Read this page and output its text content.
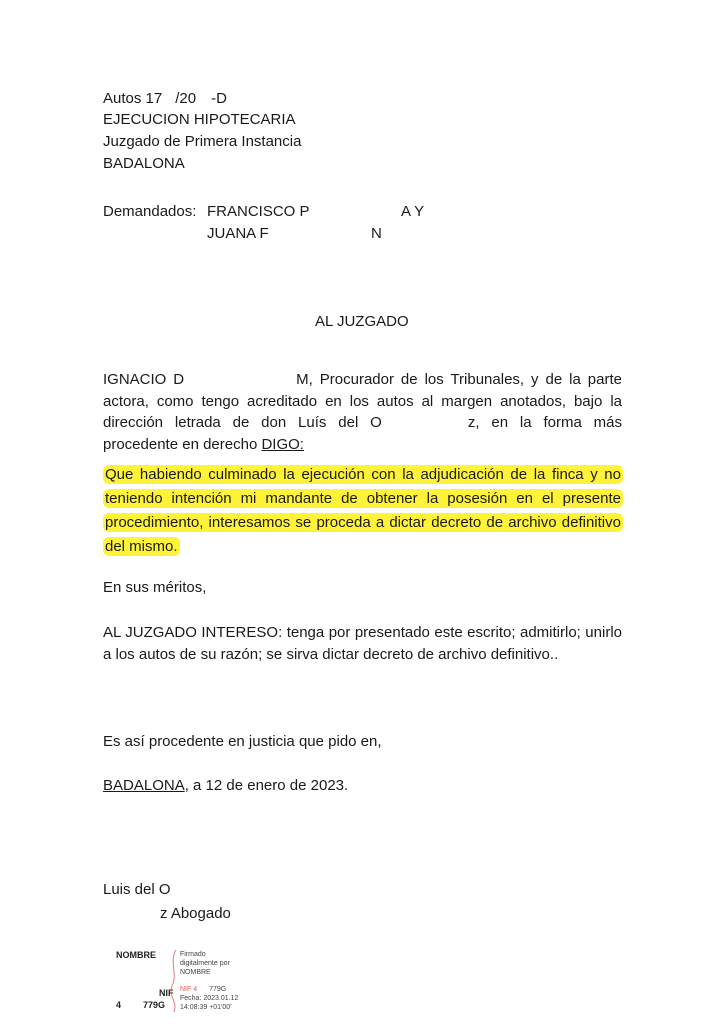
Autos 17 /20 -D
EJECUCION HIPOTECARIA
Juzgado de Primera Instancia
BADALONA
Demandados: FRANCISCO P	A Y
JUANA F	N
AL JUZGADO
IGNACIO D	M, Procurador de los Tribunales, y de la parte actora, como tengo acreditado en los autos al margen anotados, bajo la dirección letrada de don Luís del O	z, en la forma más procedente en derecho DIGO:
Que habiendo culminado la ejecución con la adjudicación de la finca y no teniendo intención mi mandante de obtener la posesión en el presente procedimiento, interesamos se proceda a dictar decreto de archivo definitivo del mismo.
En sus méritos,
AL JUZGADO INTERESO: tenga por presentado este escrito; admitirlo; unirlo a los autos de su razón; se sirva dictar decreto de archivo definitivo..
Es así procedente en justicia que pido en,
BADALONA, a 12 de enero de 2023.
Luis del O
z Abogado
NOMBRE
NIF
4 779G
Firmado
digitalmente por
NOMBRE
NIF 4 779G
Fecha: 2023.01.12
14:08:39 +01'00'
